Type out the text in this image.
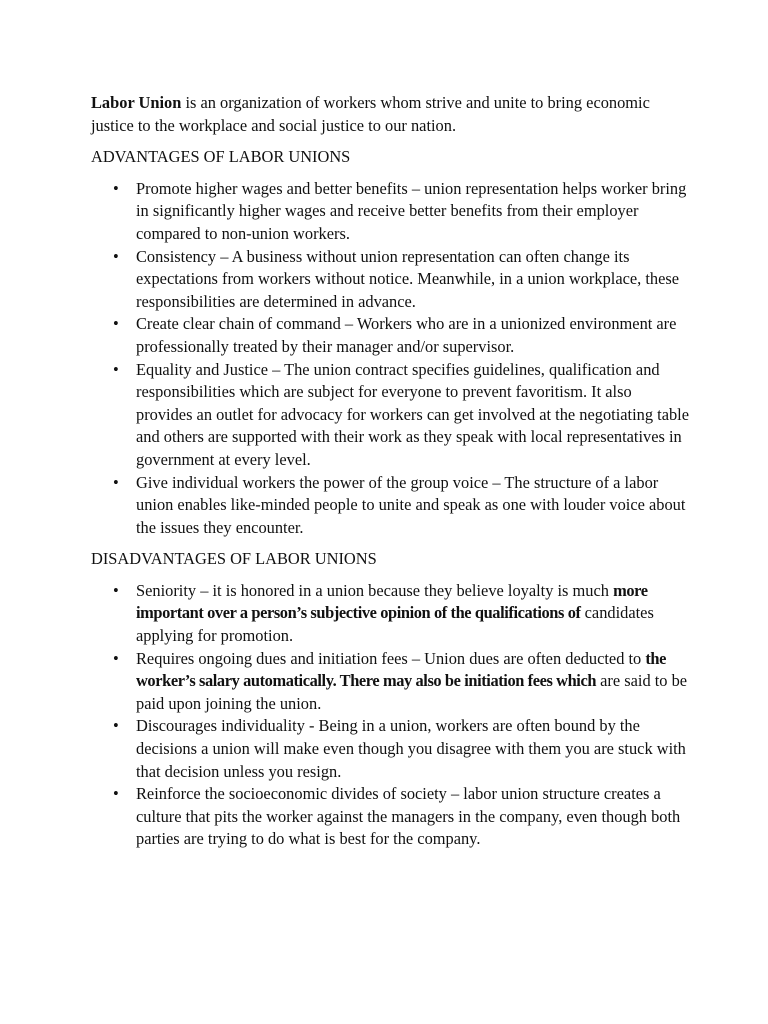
Labor Union is an organization of workers whom strive and unite to bring economic justice to the workplace and social justice to our nation.

ADVANTAGES OF LABOR UNIONS

• Promote higher wages and better benefits – union representation helps worker bring in significantly higher wages and receive better benefits from their employer compared to non-union workers.
• Consistency – A business without union representation can often change its expectations from workers without notice. Meanwhile, in a union workplace, these responsibilities are determined in advance.
• Create clear chain of command – Workers who are in a unionized environment are professionally treated by their manager and/or supervisor.
• Equality and Justice – The union contract specifies guidelines, qualification and responsibilities which are subject for everyone to prevent favoritism. It also provides an outlet for advocacy for workers can get involved at the negotiating table and others are supported with their work as they speak with local representatives in government at every level.
• Give individual workers the power of the group voice – The structure of a labor union enables like-minded people to unite and speak as one with louder voice about the issues they encounter.

DISADVANTAGES OF LABOR UNIONS

• Seniority – it is honored in a union because they believe loyalty is much more important over a person’s subjective opinion of the qualifications of candidates applying for promotion.
• Requires ongoing dues and initiation fees – Union dues are often deducted to the worker’s salary automatically. There may also be initiation fees which are said to be paid upon joining the union.
• Discourages individuality - Being in a union, workers are often bound by the decisions a union will make even though you disagree with them you are stuck with that decision unless you resign.
• Reinforce the socioeconomic divides of society – labor union structure creates a culture that pits the worker against the managers in the company, even though both parties are trying to do what is best for the company.
